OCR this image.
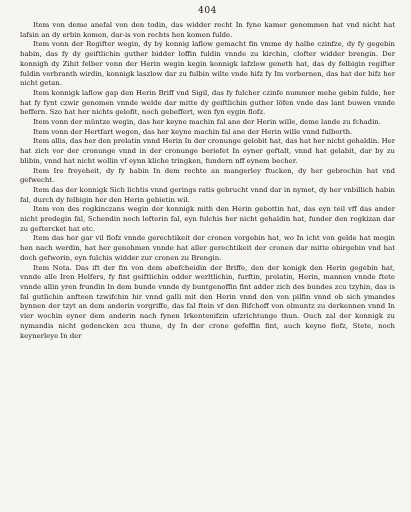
404

Item von deme anefal von den todin, das widder recht In fyne kamer genommen hat vnd nicht hat lafsin an dy erbin komen, dar-is von rechts hen komen fulde.

Item vonn der Regifter wegin, dy by konnig laflow gemacht fin vmme dy halbe czinfze, dy fy gegebin habin, das fy dy geiftlichin guther bidder loffin fuldin vnnde zu kirchin, clofter widder brengin. Der konnigh dy Zihit felber vonn der Herin wegin kegin konnigk lafzlow geneth hat, das dy felbigin regifter fuldin verbranth wirdin, konnigk laszlow dar zu fulbin wilte vnde hifz fy Im vorbernen, das hat der bifz her nicht getan.

Item konnigk laflow gap den Herin Briff vnd Sigil, das fy fulcher czinfe nummer mehe gebin fulde, her hat fy fynt czwir genomen vnnde welde dar mitte dy geiftlichin guther löfen vnde das lant buwen vnnde beffern. Szo hat her nichts gelofit, noch gebeffert, wen fyn eygin flofz.

Item vonn der müntze wegin, das her keyne machin fal ane der Herin wille, deme lande zu fchadin.

Item vonn der Hertfart wegen, das her keyne machin fal ane der Herin wille vnnd fulborth.

Item allis, das her den prelatin vnnd Herin In der cronunge gelobit hat, das hat her nicht gehaldin. Her hat zich vor der cronunge vnnd in der cronunge beriefet In eyner geftalt, vnnd hat gelabit, dar by zu blibin, vnnd hat nicht wollin vf eynn kliche tringken, fundern nff eynem becher.

Item Ire freyeheit, dy fy habin In dem rechte an mangerley ftucken, dy her gebrochin hat vnd gefwecht.

Item das der konnigk Sich lichtis vnnd gerings ratis gebrucht vnnd dar in nymet, dy her vnbillich habin fal, durch dy felbigin her den Herin gebietin wil.

Item von des rogkinczans wegin der konnigk mith den Herin gebottin hat, das eyn teil vff das ander nicht predegin fal, Schendin noch lefterin fal, eyn fulchis her nicht gehaldin hat, funder den rogkizan dar zu geftercket hat etc.

Item das her gar vil flofz vnnde gerechtikeit der cronen vorgebin hat, wo In icht von gelde hat mogin hen nach werdin, hat her genohmen vnnde hat aller gerechtikeit der cronen dar mitte obirgebin vnd hat doch gefworin, eyn fulchis widder zur cronen zu Brengin.

Item Nota. Das ift der fin von dem abefcheidin der Briffe, den der konigk den Herin gegebin hat, vnnde alle Iren Helfers, fy fint geiftlichin odder werltlichin, furftin, prelatin, Herin, mannen vnnde ftete vnnde allin yren frundin In dem bunde vnnde dy buntgenoffin fint adder zich des bundes zcu tzyhin, das is fal gutlichin anfteen tzwifchin hir vnnd galli mit den Herin vnnd den von pilfin vnnd ob sich ymandes bynnen der tzyt an dem anderin vorgriffe, das fal ftein vf den Bifchoff von olmuntz zu derkennen vnnd In vier wochin eyner dem anderin nach fynen Irkentenifzin ufzrichtunge thun. Ouch zal der konnigk zu nymandis nicht gedencken zcu thune, dy In der crone gefeffin fint, auch keyne flofz, Stete, noch keynerleye In der
